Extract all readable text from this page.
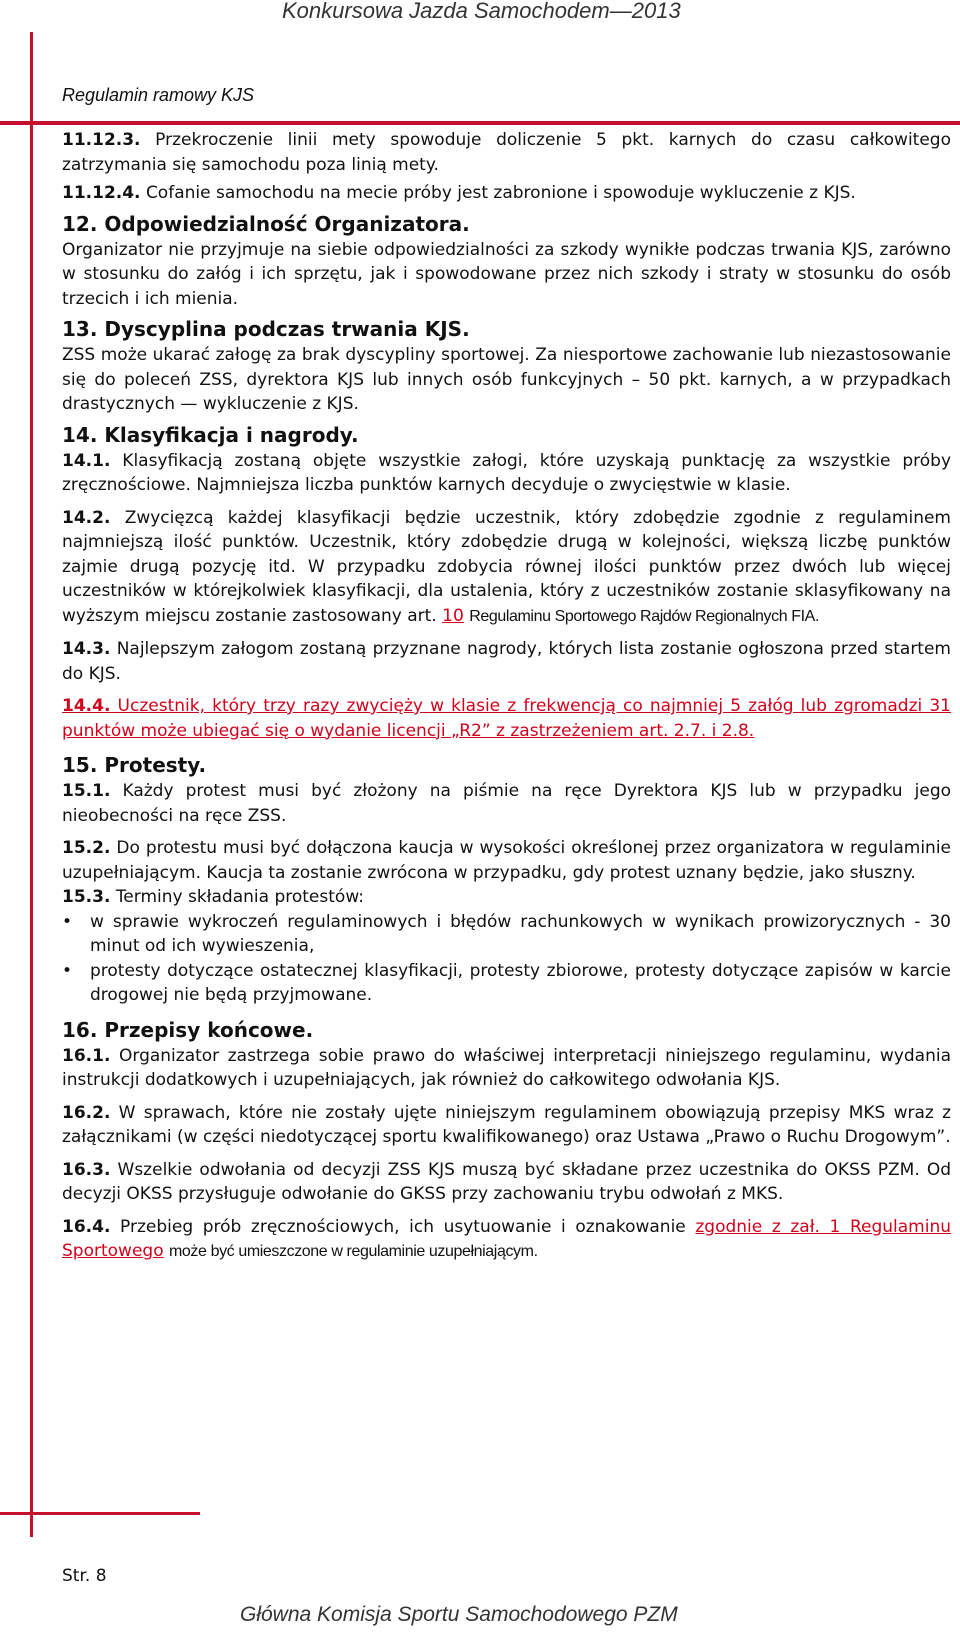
Konkursowa Jazda Samochodem—2013
Regulamin ramowy KJS

11.12.3. Przekroczenie linii mety spowoduje doliczenie 5 pkt. karnych do czasu całkowitego zatrzymania się samochodu poza linią mety.

11.12.4. Cofanie samochodu na mecie próby jest zabronione i spowoduje wykluczenie z KJS.

12. Odpowiedzialność Organizatora.

Organizator nie przyjmuje na siebie odpowiedzialności za szkody wynikłe podczas trwania KJS, zarówno w stosunku do załóg i ich sprzętu, jak i spowodowane przez nich szkody i straty w stosunku do osób trzecich i ich mienia.

13. Dyscyplina podczas trwania KJS.

ZSS może ukarać załogę za brak dyscypliny sportowej. Za niesportowe zachowanie lub niezastosowanie się do poleceń ZSS, dyrektora KJS lub innych osób funkcyjnych – 50 pkt. karnych, a w przypadkach drastycznych — wykluczenie z KJS.

14. Klasyfikacja i nagrody.

14.1. Klasyfikacją zostaną objęte wszystkie załogi, które uzyskają punktację za wszystkie próby zręcznościowe. Najmniejsza liczba punktów karnych decyduje o zwycięstwie w klasie.

14.2. Zwycięzcą każdej klasyfikacji będzie uczestnik, który zdobędzie zgodnie z regulaminem najmniejszą ilość punktów. Uczestnik, który zdobędzie drugą w kolejności, większą liczbę punktów zajmie drugą pozycję itd. W przypadku zdobycia równej ilości punktów przez dwóch lub więcej uczestników w którejkolwiek klasyfikacji, dla ustalenia, który z uczestników zostanie sklasyfikowany na wyższym miejscu zostanie zastosowany art. 10 Regulaminu Sportowego Rajdów Regionalnych FIA.

14.3. Najlepszym załogom zostaną przyznane nagrody, których lista zostanie ogłoszona przed startem do KJS.

14.4. Uczestnik, który trzy razy zwycięży w klasie z frekwencją co najmniej 5 załóg lub zgromadzi 31 punktów może ubiegać się o wydanie licencji „R2” z zastrzeżeniem art. 2.7. i 2.8.

15. Protesty.

15.1. Każdy protest musi być złożony na piśmie na ręce Dyrektora KJS lub w przypadku jego nieobecności na ręce ZSS.

15.2. Do protestu musi być dołączona kaucja w wysokości określonej przez organizatora w regulaminie uzupełniającym. Kaucja ta zostanie zwrócona w przypadku, gdy protest uznany będzie, jako słuszny.

15.3. Terminy składania protestów:

• w sprawie wykroczeń regulaminowych i błędów rachunkowych w wynikach prowizorycznych - 30 minut od ich wywieszenia,
• protesty dotyczące ostatecznej klasyfikacji, protesty zbiorowe, protesty dotyczące zapisów w karcie drogowej nie będą przyjmowane.
16. Przepisy końcowe.

16.1. Organizator zastrzega sobie prawo do właściwej interpretacji niniejszego regulaminu, wydania instrukcji dodatkowych i uzupełniających, jak również do całkowitego odwołania KJS.

16.2. W sprawach, które nie zostały ujęte niniejszym regulaminem obowiązują przepisy MKS wraz z załącznikami (w części niedotyczącej sportu kwalifikowanego) oraz Ustawa „Prawo o Ruchu Drogowym”.

16.3. Wszelkie odwołania od decyzji ZSS KJS muszą być składane przez uczestnika do OKSS PZM. Od decyzji OKSS przysługuje odwołanie do GKSS przy zachowaniu trybu odwołań z MKS.

16.4. Przebieg prób zręcznościowych, ich usytuowanie i oznakowanie zgodnie z zał. 1 Regulaminu Sportowego może być umieszczone w regulaminie uzupełniającym.

Str. 8
Główna Komisja Sportu Samochodowego PZM
